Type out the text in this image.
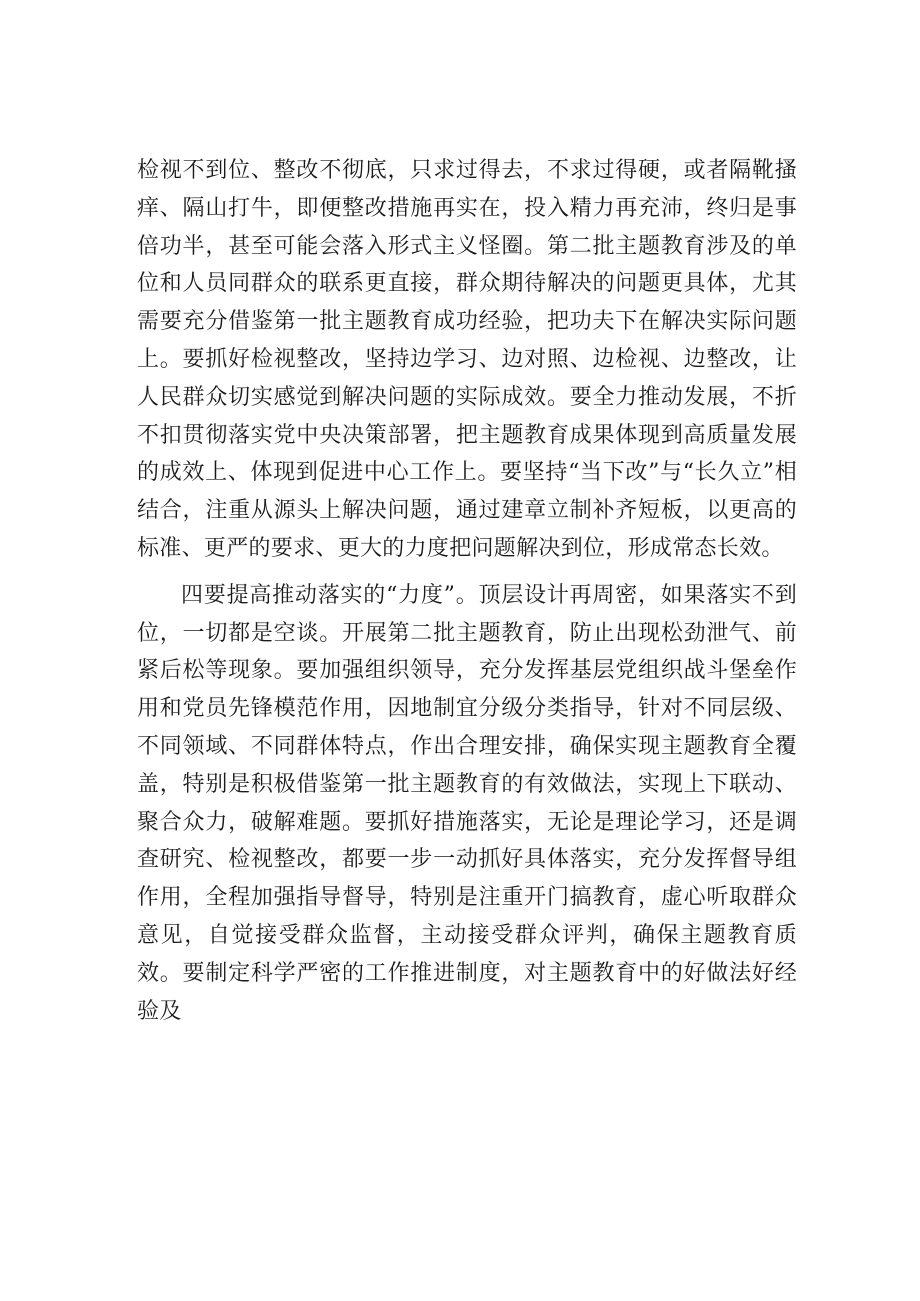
检视不到位、整改不彻底，只求过得去，不求过得硬，或者隔靴搔痒、隔山打牛，即便整改措施再实在，投入精力再充沛，终归是事倍功半，甚至可能会落入形式主义怪圈。第二批主题教育涉及的单位和人员同群众的联系更直接，群众期待解决的问题更具体，尤其需要充分借鉴第一批主题教育成功经验，把功夫下在解决实际问题上。要抓好检视整改，坚持边学习、边对照、边检视、边整改，让人民群众切实感觉到解决问题的实际成效。要全力推动发展，不折不扣贯彻落实党中央决策部署，把主题教育成果体现到高质量发展的成效上、体现到促进中心工作上。要坚持“当下改”与“长久立”相结合，注重从源头上解决问题，通过建章立制补齐短板，以更高的标准、更严的要求、更大的力度把问题解决到位，形成常态长效。

四要提高推动落实的“力度”。顶层设计再周密，如果落实不到位，一切都是空谈。开展第二批主题教育，防止出现松劲泄气、前紧后松等现象。要加强组织领导，充分发挥基层党组织战斗堡垒作用和党员先锋模范作用，因地制宜分级分类指导，针对不同层级、不同领域、不同群体特点，作出合理安排，确保实现主题教育全覆盖，特别是积极借鉴第一批主题教育的有效做法，实现上下联动、聚合众力，破解难题。要抓好措施落实，无论是理论学习，还是调查研究、检视整改，都要一步一动抓好具体落实，充分发挥督导组作用，全程加强指导督导，特别是注重开门搞教育，虚心听取群众意见，自觉接受群众监督，主动接受群众评判，确保主题教育质效。要制定科学严密的工作推进制度，对主题教育中的好做法好经验及
